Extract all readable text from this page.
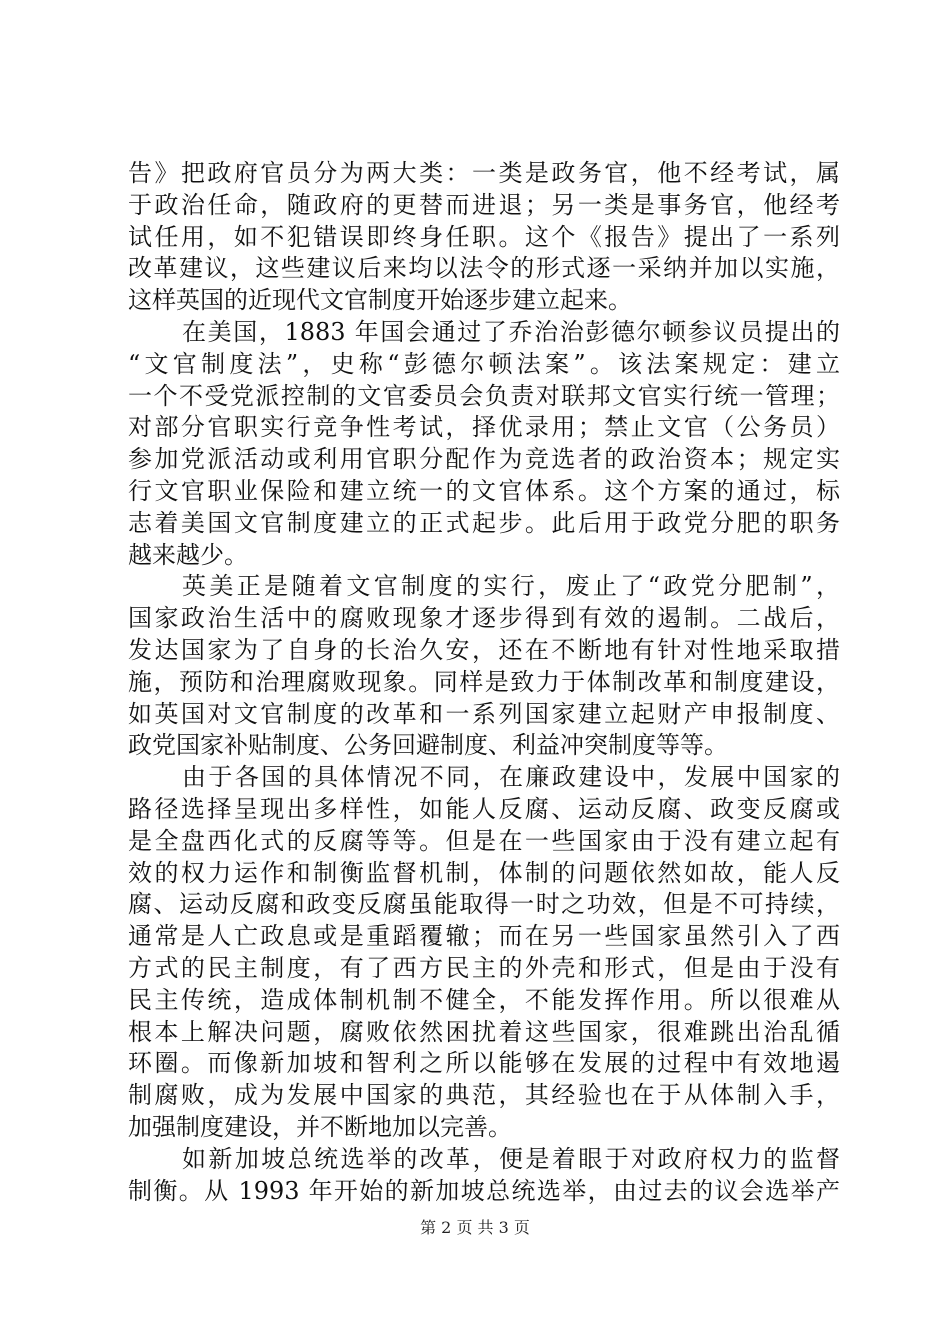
告》把政府官员分为两大类：一类是政务官，他不经考试，属
于政治任命，随政府的更替而进退；另一类是事务官，他经考
试任用，如不犯错误即终身任职。这个《报告》提出了一系列
改革建议，这些建议后来均以法令的形式逐一采纳并加以实施，
这样英国的近现代文官制度开始逐步建立起来。
在美国，1883 年国会通过了乔治治彭德尔顿参议员提出的
“文官制度法”，史称“彭德尔顿法案”。该法案规定：建立
一个不受党派控制的文官委员会负责对联邦文官实行统一管理；
对部分官职实行竞争性考试，择优录用；禁止文官（公务员）
参加党派活动或利用官职分配作为竞选者的政治资本；规定实
行文官职业保险和建立统一的文官体系。这个方案的通过，标
志着美国文官制度建立的正式起步。此后用于政党分肥的职务
越来越少。
英美正是随着文官制度的实行，废止了“政党分肥制”，
国家政治生活中的腐败现象才逐步得到有效的遏制。二战后，
发达国家为了自身的长治久安，还在不断地有针对性地采取措
施，预防和治理腐败现象。同样是致力于体制改革和制度建设，
如英国对文官制度的改革和一系列国家建立起财产申报制度、
政党国家补贴制度、公务回避制度、利益冲突制度等等。
由于各国的具体情况不同，在廉政建设中，发展中国家的
路径选择呈现出多样性，如能人反腐、运动反腐、政变反腐或
是全盘西化式的反腐等等。但是在一些国家由于没有建立起有
效的权力运作和制衡监督机制，体制的问题依然如故，能人反
腐、运动反腐和政变反腐虽能取得一时之功效，但是不可持续，
通常是人亡政息或是重蹈覆辙；而在另一些国家虽然引入了西
方式的民主制度，有了西方民主的外壳和形式，但是由于没有
民主传统，造成体制机制不健全，不能发挥作用。所以很难从
根本上解决问题，腐败依然困扰着这些国家，很难跳出治乱循
环圈。而像新加坡和智利之所以能够在发展的过程中有效地遏
制腐败，成为发展中国家的典范，其经验也在于从体制入手，
加强制度建设，并不断地加以完善。
如新加坡总统选举的改革，便是着眼于对政府权力的监督
制衡。从 1993 年开始的新加坡总统选举，由过去的议会选举产
第 2 页 共 3 页
